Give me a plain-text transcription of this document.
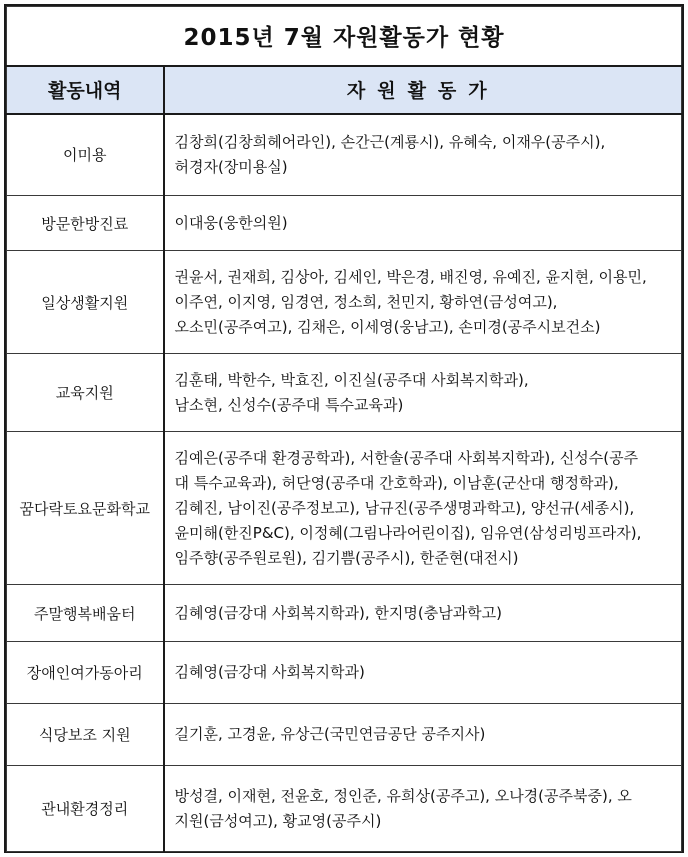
2015년 7월 자원활동가 현황	
활동내역	자원활동가
이미용	김창희(김창희헤어라인), 손간근(계룡시), 유혜숙, 이재우(공주시),
허경자(장미용실)
방문한방진료	이대웅(웅한의원)
일상생활지원	권윤서, 권재희, 김상아, 김세인, 박은경, 배진영, 유예진, 윤지현, 이용민,
이주연, 이지영, 임경연, 정소희, 천민지, 황하연(금성여고),
오소민(공주여고), 김채은, 이세영(웅남고), 손미경(공주시보건소)
교육지원	김훈태, 박한수, 박효진, 이진실(공주대 사회복지학과),
남소현, 신성수(공주대 특수교육과)
꿈다락토요문화학교	김예은(공주대 환경공학과), 서한솔(공주대 사회복지학과), 신성수(공주
대 특수교육과), 허단영(공주대 간호학과), 이남훈(군산대 행정학과),
김혜진, 남이진(공주정보고), 남규진(공주생명과학고), 양선규(세종시),
윤미해(한진P&C), 이정혜(그림나라어린이집), 임유연(삼성리빙프라자),
임주향(공주원로원), 김기쁨(공주시), 한준현(대전시)
주말행복배움터	김혜영(금강대 사회복지학과), 한지명(충남과학고)
장애인여가동아리	김혜영(금강대 사회복지학과)
식당보조 지원	길기훈, 고경윤, 유상근(국민연금공단 공주지사)
관내환경정리	방성결, 이재현, 전윤호, 정인준, 유희상(공주고), 오나경(공주북중), 오
지원(금성여고), 황교영(공주시)
